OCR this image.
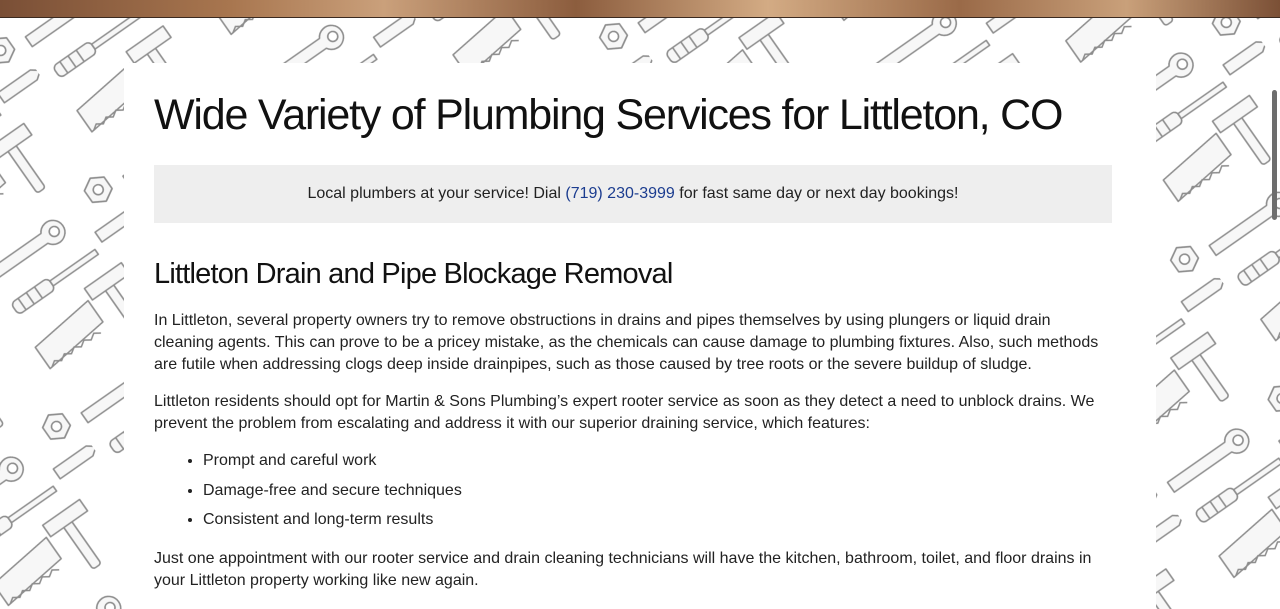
Wide Variety of Plumbing Services for Littleton, CO
Local plumbers at your service! Dial (719) 230-3999 for fast same day or next day bookings!
Littleton Drain and Pipe Blockage Removal

In Littleton, several property owners try to remove obstructions in drains and pipes themselves by using plungers or liquid drain cleaning agents. This can prove to be a pricey mistake, as the chemicals can cause damage to plumbing fixtures. Also, such methods are futile when addressing clogs deep inside drainpipes, such as those caused by tree roots or the severe buildup of sludge.

Littleton residents should opt for Martin & Sons Plumbing’s expert rooter service as soon as they detect a need to unblock drains. We prevent the problem from escalating and address it with our superior draining service, which features:

• Prompt and careful work
• Damage-free and secure techniques
• Consistent and long-term results

Just one appointment with our rooter service and drain cleaning technicians will have the kitchen, bathroom, toilet, and floor drains in your Littleton property working like new again.
